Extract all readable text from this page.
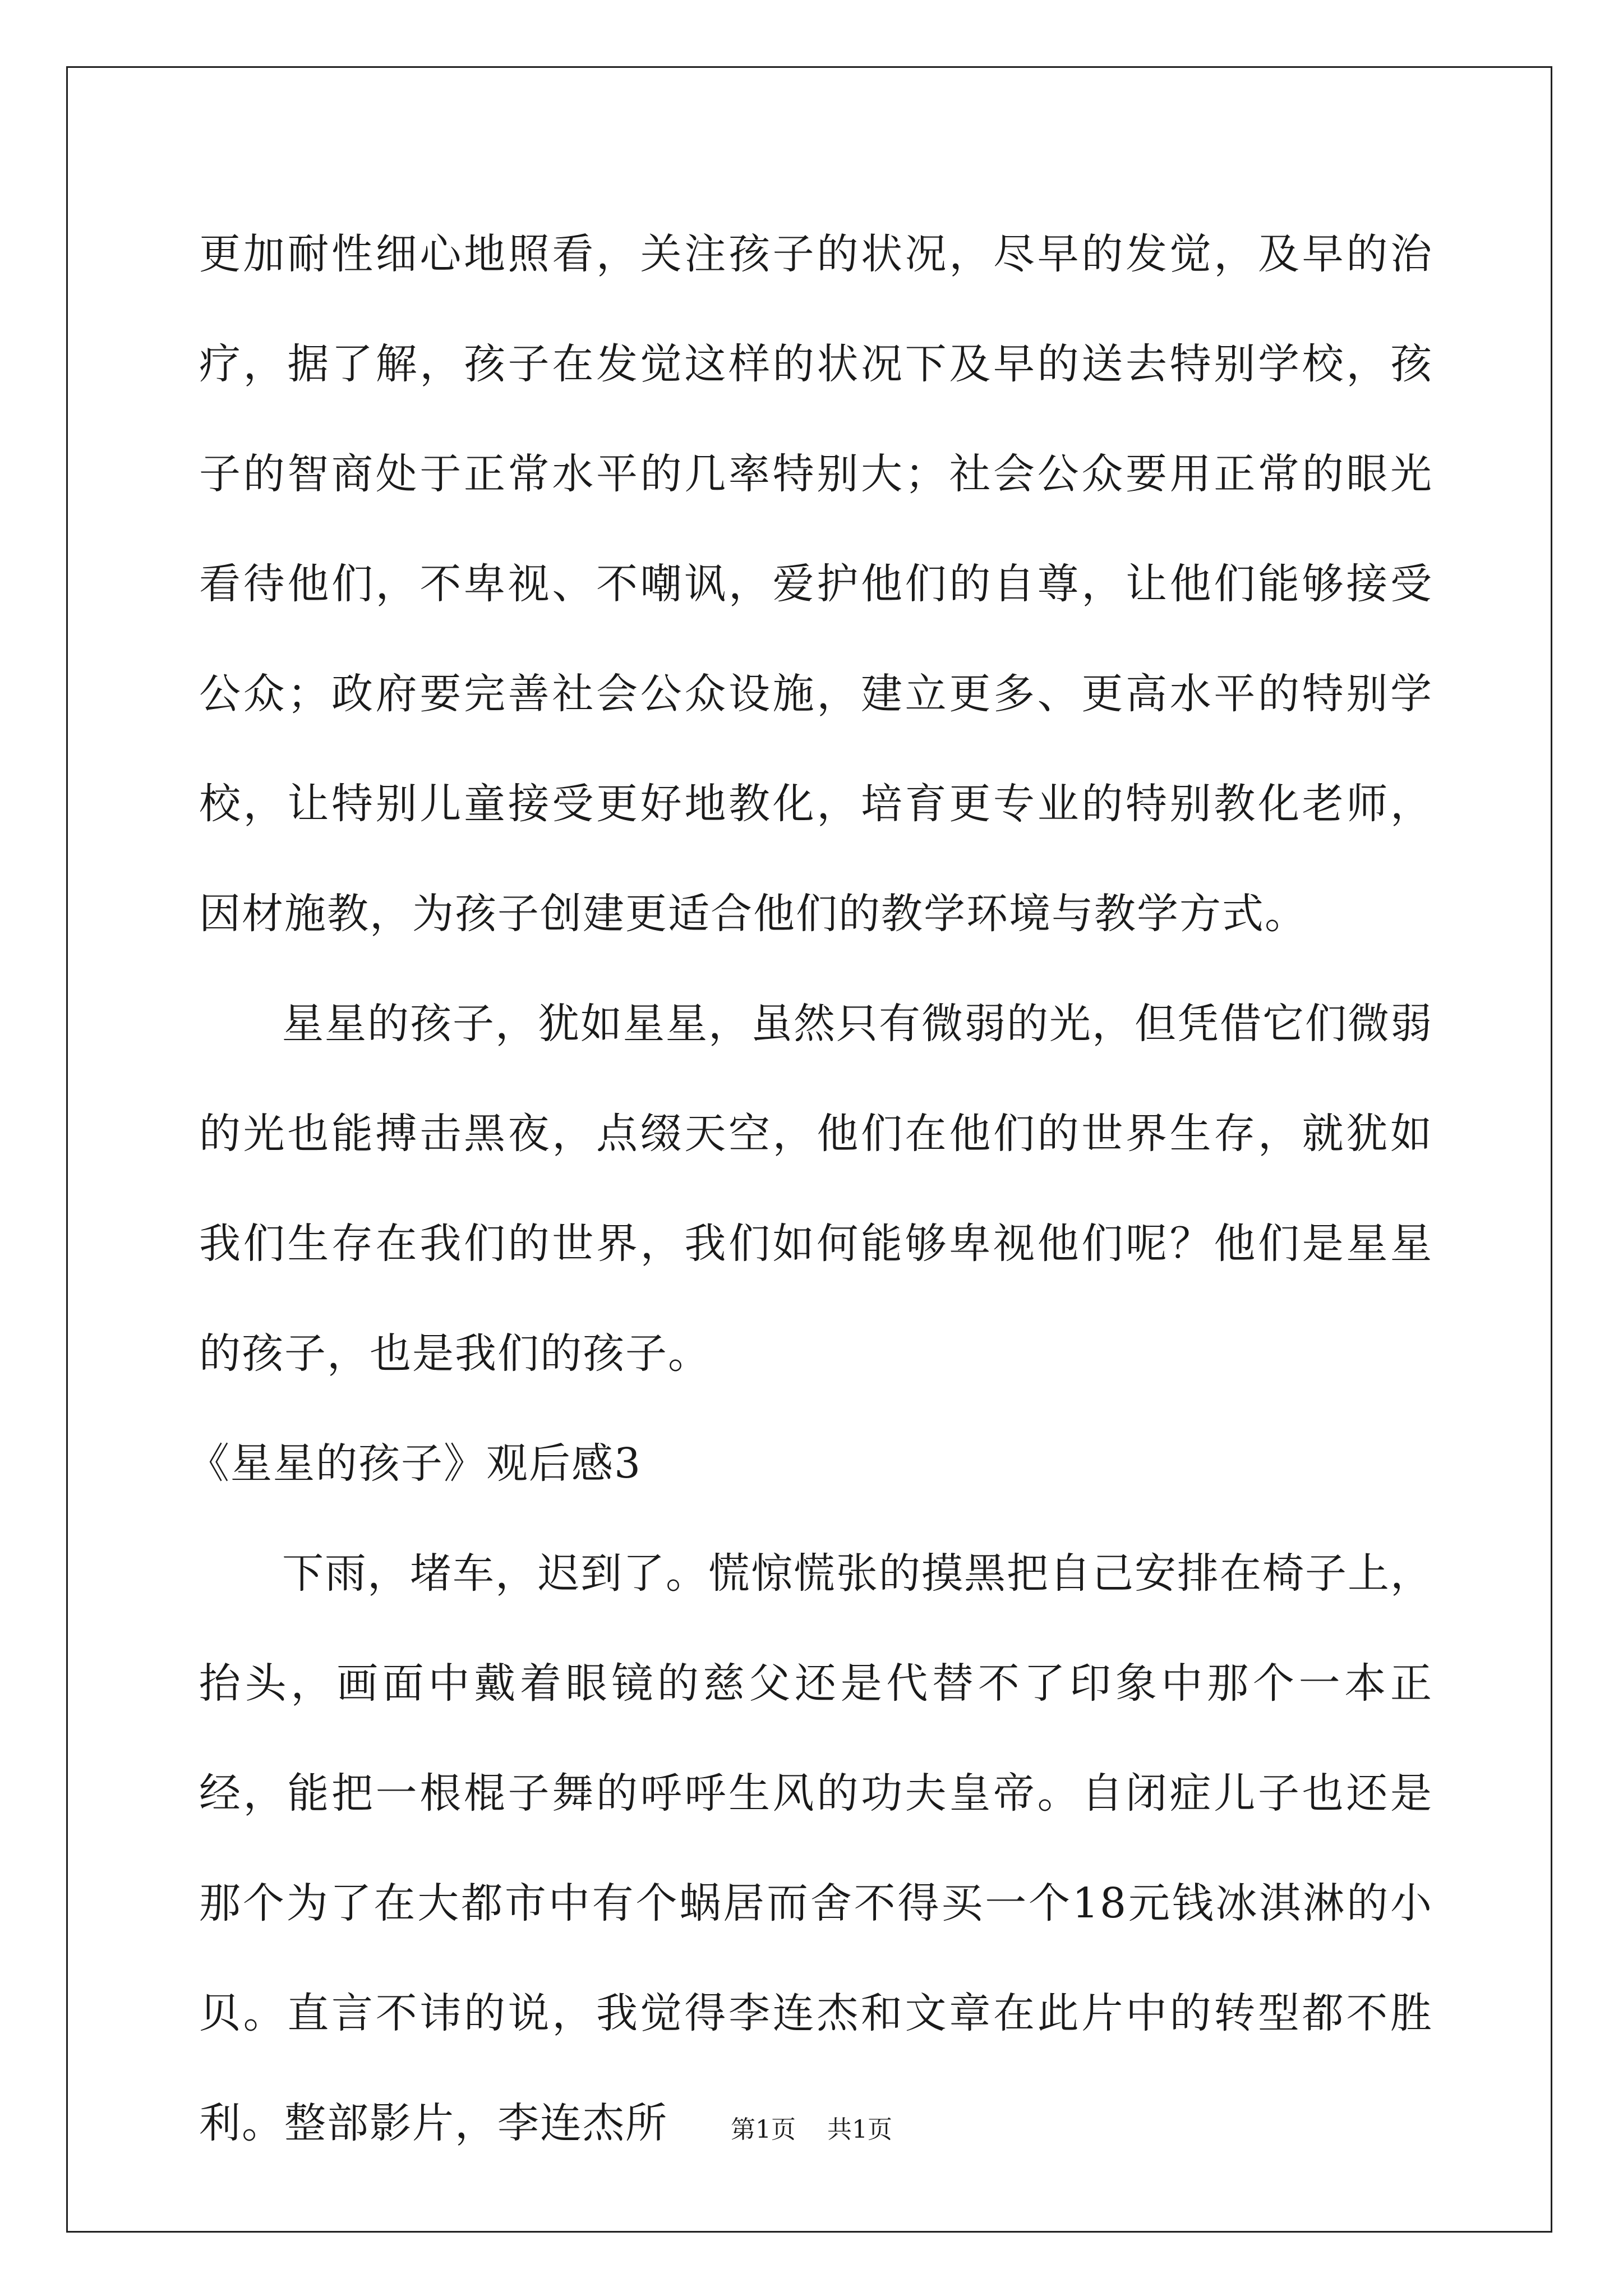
更加耐性细心地照看，关注孩子的状况，尽早的发觉，及早的治疗，据了解，孩子在发觉这样的状况下及早的送去特别学校，孩子的智商处于正常水平的几率特别大；社会公众要用正常的眼光看待他们，不卑视、不嘲讽，爱护他们的自尊，让他们能够接受公众；政府要完善社会公众设施，建立更多、更高水平的特别学校，让特别儿童接受更好地教化，培育更专业的特别教化老师，因材施教，为孩子创建更适合他们的教学环境与教学方式。

星星的孩子，犹如星星，虽然只有微弱的光，但凭借它们微弱的光也能搏击黑夜，点缀天空，他们在他们的世界生存，就犹如我们生存在我们的世界，我们如何能够卑视他们呢？他们是星星的孩子，也是我们的孩子。

《星星的孩子》观后感3

下雨，堵车，迟到了。慌惊慌张的摸黑把自己安排在椅子上，抬头，画面中戴着眼镜的慈父还是代替不了印象中那个一本正经，能把一根棍子舞的呼呼生风的功夫皇帝。自闭症儿子也还是那个为了在大都市中有个蜗居而舍不得买一个18元钱冰淇淋的小贝。直言不讳的说，我觉得李连杰和文章在此片中的转型都不胜利。整部影片，李连杰所	第1页 共1页
